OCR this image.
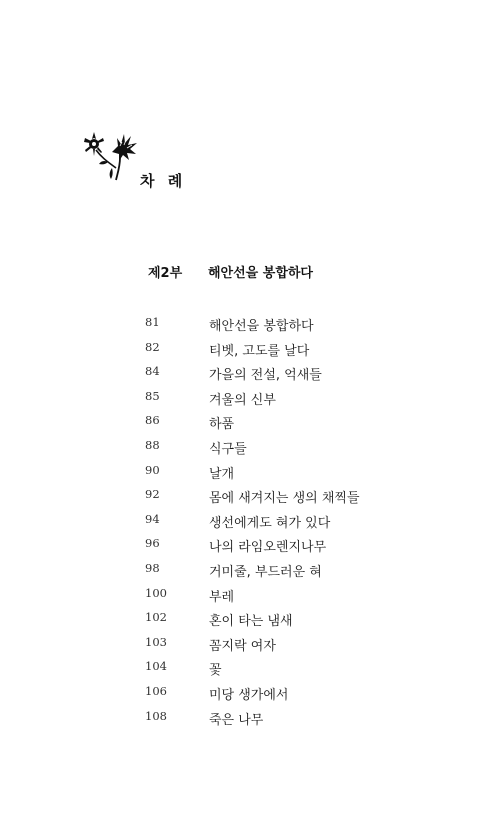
차 례
제2부 해안선을 봉합하다
81	해안선을 봉합하다
82	티벳, 고도를 날다
84	가을의 전설, 억새들
85	겨울의 신부
86	하품
88	식구들
90	날개
92	몸에 새겨지는 생의 채찍들
94	생선에게도 혀가 있다
96	나의 라임오렌지나무
98	거미줄, 부드러운 혀
100	부레
102	혼이 타는 냄새
103	꼼지락 여자
104	꽃
106	미당 생가에서
108	죽은 나무
